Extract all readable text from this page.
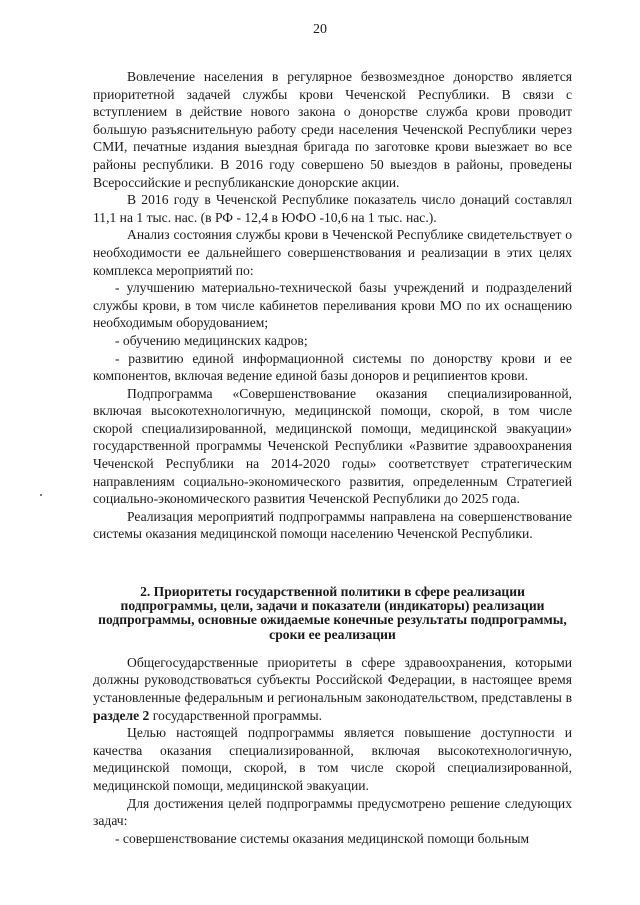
20

Вовлечение населения в регулярное безвозмездное донорство является приоритетной задачей службы крови Чеченской Республики. В связи с вступлением в действие нового закона о донорстве служба крови проводит большую разъяснительную работу среди населения Чеченской Республики через СМИ, печатные издания выездная бригада по заготовке крови выезжает во все районы республики. В 2016 году совершено 50 выездов в районы, проведены Всероссийские и республиканские донорские акции.

В 2016 году в Чеченской Республике показатель число донаций составлял 11,1 на 1 тыс. нас. (в РФ - 12,4 в ЮФО -10,6 на 1 тыс. нас.).

Анализ состояния службы крови в Чеченской Республике свидетельствует о необходимости ее дальнейшего совершенствования и реализации в этих целях комплекса мероприятий по:

- улучшению материально-технической базы учреждений и подразделений службы крови, в том числе кабинетов переливания крови МО по их оснащению необходимым оборудованием;

- обучению медицинских кадров;

- развитию единой информационной системы по донорству крови и ее компонентов, включая ведение единой базы доноров и реципиентов крови.

Подпрограмма «Совершенствование оказания специализированной, включая высокотехнологичную, медицинской помощи, скорой, в том числе скорой специализированной, медицинской помощи, медицинской эвакуации» государственной программы Чеченской Республики «Развитие здравоохранения Чеченской Республики на 2014-2020 годы» соответствует стратегическим направлениям социально-экономического развития, определенным Стратегией социально-экономического развития Чеченской Республики до 2025 года.

Реализация мероприятий подпрограммы направлена на совершенствование системы оказания медицинской помощи населению Чеченской Республики.

2. Приоритеты государственной политики в сфере реализации подпрограммы, цели, задачи и показатели (индикаторы) реализации подпрограммы, основные ожидаемые конечные результаты подпрограммы, сроки ее реализации

Общегосударственные приоритеты в сфере здравоохранения, которыми должны руководствоваться субъекты Российской Федерации, в настоящее время установленные федеральным и региональным законодательством, представлены в разделе 2 государственной программы.

Целью настоящей подпрограммы является повышение доступности и качества оказания специализированной, включая высокотехнологичную, медицинской помощи, скорой, в том числе скорой специализированной, медицинской помощи, медицинской эвакуации.

Для достижения целей подпрограммы предусмотрено решение следующих задач:

- совершенствование системы оказания медицинской помощи больным
